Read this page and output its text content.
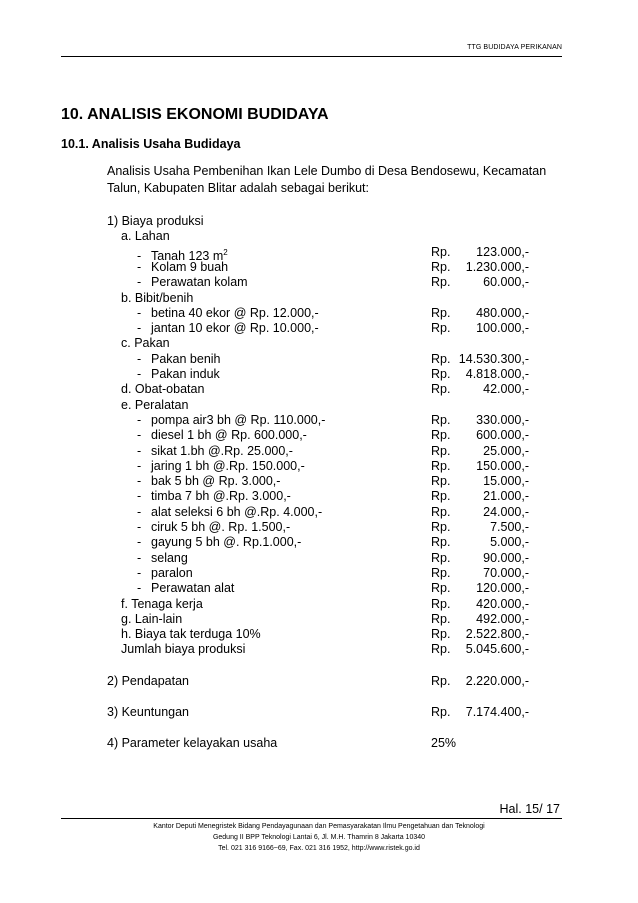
TTG BUDIDAYA PERIKANAN
10. ANALISIS EKONOMI BUDIDAYA
10.1. Analisis Usaha Budidaya
Analisis Usaha Pembenihan Ikan Lele Dumbo di Desa Bendosewu, Kecamatan Talun, Kabupaten Blitar adalah sebagai berikut:
1) Biaya produksi
a. Lahan
- Tanah 123 $m^2$	Rp. 123.000,-
- Kolam 9 buah	Rp. 1.230.000,-
- Perawatan kolam	Rp.	60.000,-
b. Bibit/benih
- betina 40 ekor @ Rp. 12.000,-	Rp. 480.000,-
- jantan 10 ekor @ Rp. 10.000,-	Rp. 100.000,-
c. Pakan
- Pakan benih	Rp. 14.530.300,-
- Pakan induk	Rp. 4.818.000,-
d. Obat-obatan	Rp.	42.000,-
e. Peralatan
- pompa air3 bh @ Rp. 110.000,-	Rp. 330.000,-
- diesel 1 bh @ Rp. 600.000,-	Rp. 600.000,-
- sikat 1.bh @.Rp. 25.000,-	Rp.	25.000,-
- jaring 1 bh @.Rp. 150.000,-	Rp. 150.000,-
- bak 5 bh @ Rp. 3.000,-	Rp.	15.000,-
- timba 7 bh @.Rp. 3.000,-	Rp.	21.000,-
- alat seleksi 6 bh @.Rp. 4.000,-	Rp.	24.000,-
- ciruk 5 bh @. Rp. 1.500,-	Rp.	7.500,-
- gayung 5 bh @. Rp.1.000,-	Rp.	5.000,-
- selang	Rp.	90.000,-
- paralon	Rp.	70.000,-
- Perawatan alat	Rp. 120.000,-
f. Tenaga kerja	Rp. 420.000,-
g. Lain-lain	Rp. 492.000,-
h. Biaya tak terduga 10%	Rp. 2.522.800,-
Jumlah biaya produksi	Rp. 5.045.600,-
2) Pendapatan	Rp. 2.220.000,-
3) Keuntungan	Rp. 7.174.400,-
4) Parameter kelayakan usaha	25%
Hal. 15/ 17
Kantor Deputi Menegristek Bidang Pendayagunaan dan Pemasyarakatan Ilmu Pengetahuan dan Teknologi
Gedung II BPP Teknologi Lantai 6, Jl. M.H. Thamrin 8 Jakarta 10340
Tel. 021 316 9166~69, Fax. 021 316 1952, http://www.ristek.go.id
